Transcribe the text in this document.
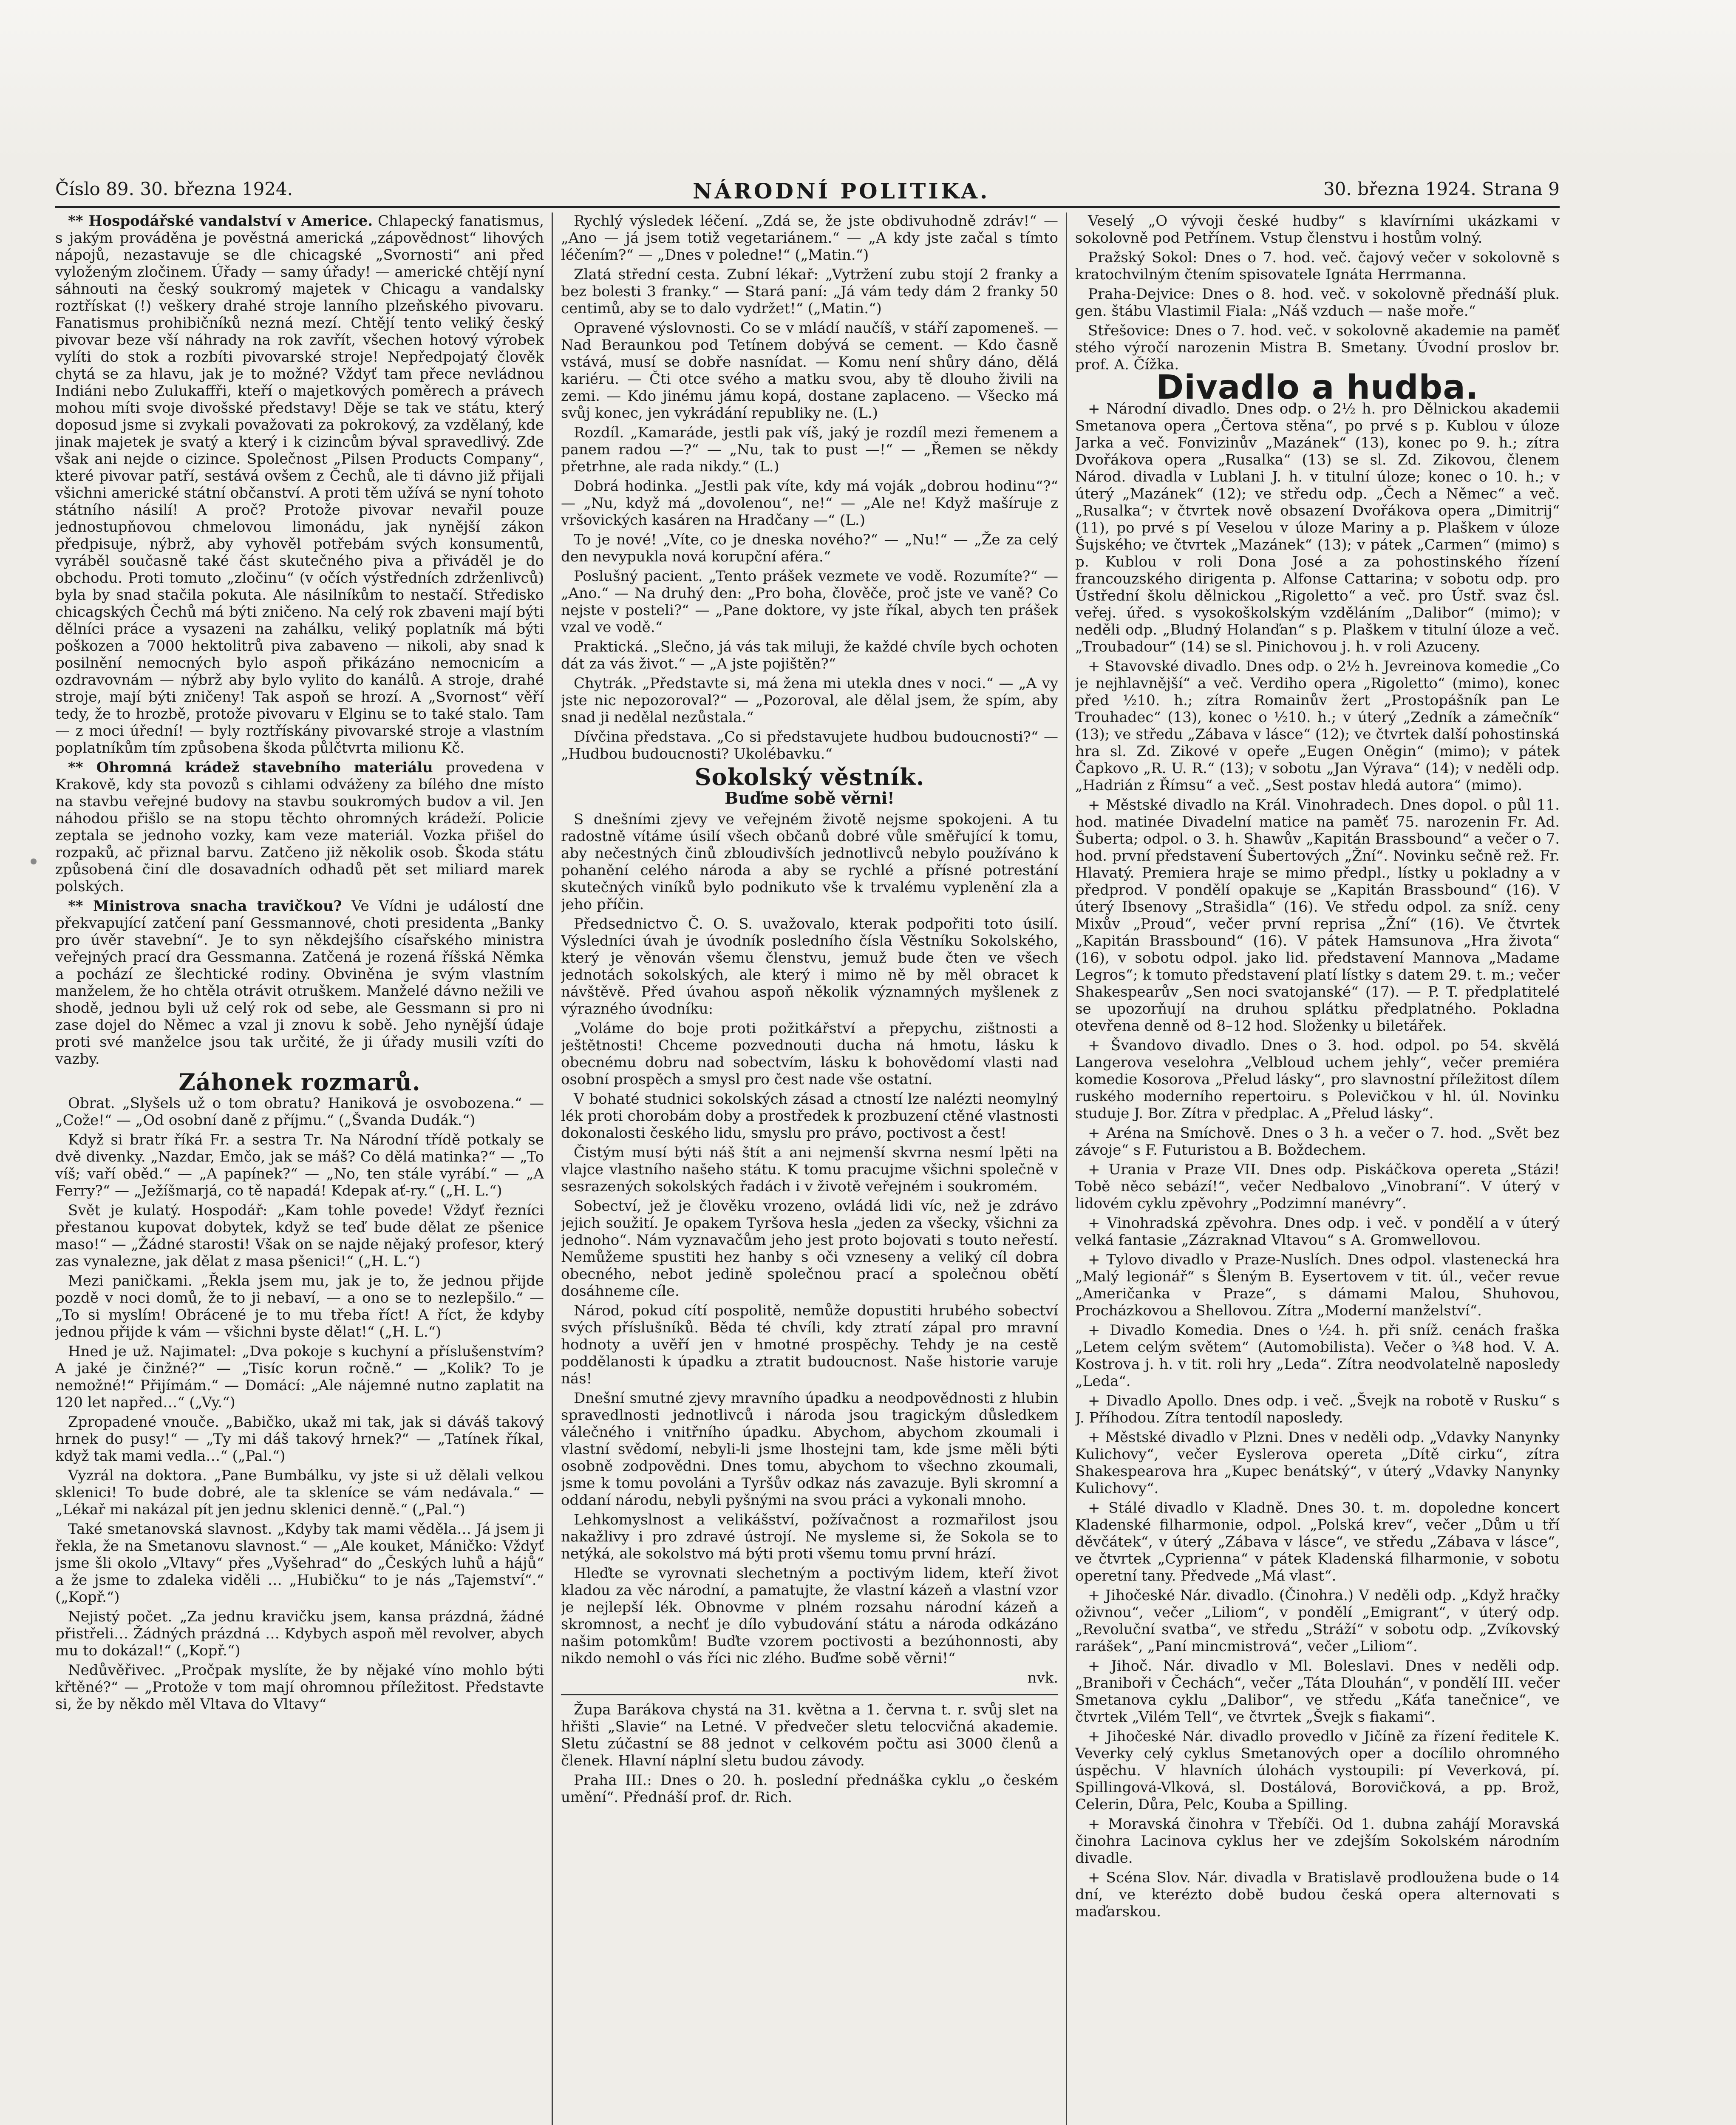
Číslo 89. 30. března 1924.	NÁRODNÍ POLITIKA.	30. března 1924. Strana 9

** Hospodářské vandalství v Americe. Chlapecký fanatismus, s jakým prováděna je pověstná americká „zápovědnost“ lihových nápojů, nezastavuje se dle chicagské „Svornosti“ ani před vyloženým zločinem. Úřady — samy úřady! — americké chtějí nyní sáhnouti na český soukromý majetek v Chicagu a vandalsky roztřískat (!) veškery drahé stroje lanního plzeňského pivovaru. Fanatismus prohibičníků nezná mezí. Chtějí tento veliký český pivovar beze vší náhrady na rok zavřít, všechen hotový výrobek vylíti do stok a rozbíti pivovarské stroje! Nepředpojatý člověk chytá se za hlavu, jak je to možné? Vždyť tam přece nevládnou Indiáni nebo Zulukaffři, kteří o majetkových poměrech a právech mohou míti svoje divošské představy! Děje se tak ve státu, který doposud jsme si zvykali považovati za pokrokový, za vzdělaný, kde jinak majetek je svatý a který i k cizincům býval spravedlivý. Zde však ani nejde o cizince. Společnost „Pilsen Products Company“, které pivovar patří, sestává ovšem z Čechů, ale ti dávno již přijali všichni americké státní občanství. A proti těm užívá se nyní tohoto státního násilí! A proč? Protože pivovar nevařil pouze jednostupňovou chmelovou limonádu, jak nynější zákon předpisuje, nýbrž, aby vyhověl potřebám svých konsumentů, vyráběl současně také část skutečného piva a přiváděl je do obchodu. Proti tomuto „zločinu“ (v očích výstředních zdrženlivců) byla by snad stačila pokuta. Ale násilníkům to nestačí. Středisko chicagských Čechů má býti zničeno. Na celý rok zbaveni mají býti dělníci práce a vysazeni na zahálku, veliký poplatník má býti poškozen a 7000 hektolitrů piva zabaveno — nikoli, aby snad k posilnění nemocných bylo aspoň přikázáno nemocnicím a ozdravovnám — nýbrž aby bylo vylito do kanálů. A stroje, drahé stroje, mají býti zničeny! Tak aspoň se hrozí. A „Svornost“ věří tedy, že to hrozbě, protože pivovaru v Elginu se to také stalo. Tam — z moci úřední! — byly roztřískány pivovarské stroje a vlastním poplatníkům tím způsobena škoda půlčtvrta milionu Kč.

** Ohromná krádež stavebního materiálu provedena v Krakově, kdy sta povozů s cihlami odváženy za bílého dne místo na stavbu veřejné budovy na stavbu soukromých budov a vil. Jen náhodou přišlo se na stopu těchto ohromných krádeží. Policie zeptala se jednoho vozky, kam veze materiál. Vozka přišel do rozpaků, ač přiznal barvu. Zatčeno již několik osob. Škoda státu způsobená činí dle dosavadních odhadů pět set miliard marek polských.

** Ministrova snacha travičkou? Ve Vídni je událostí dne překvapující zatčení paní Gessmannové, choti presidenta „Banky pro úvěr stavební“. Je to syn někdejšího císařského ministra veřejných prací dra Gessmanna. Zatčená je rozená říšská Němka a pochází ze šlechtické rodiny. Obviněna je svým vlastním manželem, že ho chtěla otrávit otruškem. Manželé dávno nežili ve shodě, jednou byli už celý rok od sebe, ale Gessmann si pro ni zase dojel do Němec a vzal ji znovu k sobě. Jeho nynější údaje proti své manželce jsou tak určité, že ji úřady musili vzíti do vazby.

Záhonek rozmarů.

Obrat. „Slyšels už o tom obratu? Haniková je osvobozena.“ — „Cože!“ — „Od osobní daně z příjmu.“ („Švanda Dudák.“)

Když si bratr říká Fr. a sestra Tr. Na Národní třídě potkaly se dvě divenky. „Nazdar, Emčo, jak se máš? Co dělá matinka?“ — „To víš; vaří oběd.“ — „A papínek?“ — „No, ten stále vyrábí.“ — „A Ferry?“ — „Ježíšmarjá, co tě napadá! Kdepak ať-ry.“ („H. L.“)

Svět je kulatý. Hospodář: „Kam tohle povede! Vždyť řezníci přestanou kupovat dobytek, když se teď bude dělat ze pšenice maso!“ — „Žádné starosti! Však on se najde nějaký profesor, který zas vynalezne, jak dělat z masa pšenici!“ („H. L.“)

Mezi paničkami. „Řekla jsem mu, jak je to, že jednou přijde pozdě v noci domů, že to ji nebaví, — a ono se to nezlepšilo.“ — „To si myslím! Obrácené je to mu třeba říct! A říct, že kdyby jednou přijde k vám — všichni byste dělat!“ („H. L.“)

Hned je už. Najimatel: „Dva pokoje s kuchyní a příslušenstvím? A jaké je činžné?“ — „Tisíc korun ročně.“ — „Kolik? To je nemožné!“ Přijímám.“ — Domácí: „Ale nájemné nutno zaplatit na 120 let napřed…“ („Vy.“)

Zpropadené vnouče. „Babičko, ukaž mi tak, jak si dáváš takový hrnek do pusy!“ — „Ty mi dáš takový hrnek?“ — „Tatínek říkal, když tak mami vedla…“ („Pal.“)

Vyzrál na doktora. „Pane Bumbálku, vy jste si už dělali velkou sklenici! To bude dobré, ale ta skleníce se vám nedávala.“ — „Lékař mi nakázal pít jen jednu sklenici denně.“ („Pal.“)

Také smetanovská slavnost. „Kdyby tak mami věděla… Já jsem ji řekla, že na Smetanovu slavnost.“ — „Ale kouket, Máničko: Vždyť jsme šli okolo „Vltavy“ přes „Vyšehrad“ do „Českých luhů a hájů“ a že jsme to zdaleka viděli … „Hubičku“ to je nás „Tajemství“.“ („Kopř.“)

Nejistý počet. „Za jednu kravičku jsem, kansa prázdná, žádné přistřeli… Žádných prázdná … Kdybych aspoň měl revolver, abych mu to dokázal!“ („Kopř.“)

Nedůvěřivec. „Pročpak myslíte, že by nějaké víno mohlo býti křtěné?“ — „Protože v tom mají ohromnou příležitost. Představte si, že by někdo měl Vltava do Vltavy“

Rychlý výsledek léčení. „Zdá se, že jste obdivuhodně zdráv!“ — „Ano — já jsem totiž vegetariánem.“ — „A kdy jste začal s tímto léčením?“ — „Dnes v poledne!“ („Matin.“)

Zlatá střední cesta. Zubní lékař: „Vytržení zubu stojí 2 franky a bez bolesti 3 franky.“ — Stará paní: „Já vám tedy dám 2 franky 50 centimů, aby se to dalo vydržet!“ („Matin.“)

Opravené výslovnosti. Co se v mládí naučíš, v stáří zapomeneš. — Nad Beraunkou pod Tetínem dobývá se cement. — Kdo časně vstává, musí se dobře nasnídat. — Komu není shůry dáno, dělá kariéru. — Čti otce svého a matku svou, aby tě dlouho živili na zemi. — Kdo jinému jámu kopá, dostane zaplaceno. — Všecko má svůj konec, jen vykrádání republiky ne. (L.)

Rozdíl. „Kamaráde, jestli pak víš, jaký je rozdíl mezi řemenem a panem radou —?“ — „Nu, tak to pust —!“ — „Řemen se někdy přetrhne, ale rada nikdy.“ (L.)

Dobrá hodinka. „Jestli pak víte, kdy má voják „dobrou hodinu“?“ — „Nu, když má „dovolenou“, ne!“ — „Ale ne! Když mašíruje z vršovických kasáren na Hradčany —“ (L.)

To je nové! „Víte, co je dneska nového?“ — „Nu!“ — „Že za celý den nevypukla nová korupční aféra.“

Poslušný pacient. „Tento prášek vezmete ve vodě. Rozumíte?“ — „Ano.“ — Na druhý den: „Pro boha, člověče, proč jste ve vaně? Co nejste v posteli?“ — „Pane doktore, vy jste říkal, abych ten prášek vzal ve vodě.“

Praktická. „Slečno, já vás tak miluji, že každé chvíle bych ochoten dát za vás život.“ — „A jste pojištěn?“

Chytrák. „Představte si, má žena mi utekla dnes v noci.“ — „A vy jste nic nepozoroval?“ — „Pozoroval, ale dělal jsem, že spím, aby snad ji nedělal nezůstala.“

Dívčina představa. „Co si představujete hudbou budoucnosti?“ — „Hudbou budoucnosti? Ukolébavku.“

Sokolský věstník.
Buďme sobě věrni!

S dnešními zjevy ve veřejném životě nejsme spokojeni. A tu radostně vítáme úsilí všech občanů dobré vůle směřující k tomu, aby nečestných činů zbloudivších jednotlivců nebylo používáno k pohanění celého národa a aby se rychlé a přísné potrestání skutečných viníků bylo podnikuto vše k trvalému vyplenění zla a jeho příčin.

Předsednictvo Č. O. S. uvažovalo, kterak podpořiti toto úsilí. Výsledníci úvah je úvodník posledního čísla Věstníku Sokolského, který je věnován všemu členstvu, jemuž bude čten ve všech jednotách sokolských, ale který i mimo ně by měl obracet k návštěvě. Před úvahou aspoň několik významných myšlenek z výrazného úvodníku:

„Voláme do boje proti požitkářství a přepychu, zištnosti a ještětnosti! Chceme pozvednouti ducha ná hmotu, lásku k obecnému dobru nad sobectvím, lásku k bohovědomí vlasti nad osobní prospěch a smysl pro čest nade vše ostatní.

V bohaté studnici sokolských zásad a ctností lze nalézti neomylný lék proti chorobám doby a prostředek k prozbuzení ctěné vlastnosti dokonalosti českého lidu, smyslu pro právo, poctivost a čest!

Čistým musí býti náš štít a ani nejmenší skvrna nesmí lpěti na vlajce vlastního našeho státu. K tomu pracujme všichni společně v sesrazených sokolských řadách i v životě veřejném i soukromém.

Sobectví, jež je člověku vrozeno, ovládá lidi víc, než je zdrávo jejich soužití. Je opakem Tyršova hesla „jeden za všecky, všichni za jednoho“. Nám vyznavačům jeho jest proto bojovati s touto neřestí. Nemůžeme spustiti hez hanby s oči vzneseny a veliký cíl dobra obecného, nebot jedině společnou prací a společnou obětí dosáhneme cíle.

Národ, pokud cítí pospolitě, nemůže dopustiti hrubého sobectví svých příslušníků. Běda té chvíli, kdy ztratí zápal pro mravní hodnoty a uvěří jen v hmotné prospěchy. Tehdy je na cestě poddělanosti k úpadku a ztratit budoucnost. Naše historie varuje nás!

Dnešní smutné zjevy mravního úpadku a neodpovědnosti z hlubin spravedlnosti jednotlivců i národa jsou tragickým důsledkem válečného i vnitřního úpadku. Abychom, abychom zkoumali i vlastní svědomí, nebyli-li jsme lhostejni tam, kde jsme měli býti osobně zodpovědni. Dnes tomu, abychom to všechno zkoumali, jsme k tomu povoláni a Tyršův odkaz nás zavazuje. Byli skromní a oddaní národu, nebyli pyšnými na svou práci a vykonali mnoho.

Lehkomyslnost a velikášství, požívačnost a rozmařilost jsou nakažlivy i pro zdravé ústrojí. Ne mysleme si, že Sokola se to netýká, ale sokolstvo má býti proti všemu tomu první hrází.

Hleďte se vyrovnati slechetným a poctivým lidem, kteří život kladou za věc národní, a pamatujte, že vlastní kázeň a vlastní vzor je nejlepší lék. Obnovme v plném rozsahu národní kázeň a skromnost, a nechť je dílo vybudování státu a národa odkázáno našim potomkům! Buďte vzorem poctivosti a bezúhonnosti, aby nikdo nemohl o vás říci nic zlého. Buďme sobě věrni!“

nvk.

Župa Barákova chystá na 31. května a 1. června t. r. svůj slet na hřišti „Slavie“ na Letné. V předvečer sletu telocvičná akademie. Sletu zúčastní se 88 jednot v celkovém počtu asi 3000 členů a členek. Hlavní náplní sletu budou závody.

Praha III.: Dnes o 20. h. poslední přednáška cyklu „o českém umění“. Přednáší prof. dr. Rich.

Veselý „O vývoji české hudby“ s klavírními ukázkami v sokolovně pod Petřínem. Vstup členstvu i hostům volný.

Pražský Sokol: Dnes o 7. hod. več. čajový večer v sokolovně s kratochvilným čtením spisovatele Ignáta Herrmanna.

Praha-Dejvice: Dnes o 8. hod. več. v sokolovně přednáší pluk. gen. štábu Vlastimil Fiala: „Náš vzduch — naše moře.“

Střešovice: Dnes o 7. hod. več. v sokolovně akademie na paměť stého výročí narozenin Mistra B. Smetany. Úvodní proslov br. prof. A. Čížka.

Divadlo a hudba.

+ Národní divadlo. Dnes odp. o 2½ h. pro Dělnickou akademii Smetanova opera „Čertova stěna“, po prvé s p. Kublou v úloze Jarka a več. Fonvizinův „Mazánek“ (13), konec po 9. h.; zítra Dvořákova opera „Rusalka“ (13) se sl. Zd. Zikovou, členem Národ. divadla v Lublani J. h. v titulní úloze; konec o 10. h.; v úterý „Mazánek“ (12); ve středu odp. „Čech a Němec“ a več. „Rusalka“; v čtvrtek nově obsazení Dvořákova opera „Dimitrij“ (11), po prvé s pí Veselou v úloze Mariny a p. Plaškem v úloze Šujského; ve čtvrtek „Mazánek“ (13); v pátek „Carmen“ (mimo) s p. Kublou v roli Dona José a za pohostinského řízení francouzského dirigenta p. Alfonse Cattarina; v sobotu odp. pro Ústřední školu dělnickou „Rigoletto“ a več. pro Ústř. svaz čsl. veřej. úřed. s vysokoškolským vzděláním „Dalibor“ (mimo); v neděli odp. „Bludný Holanďan“ s p. Plaškem v titulní úloze a več. „Troubadour“ (14) se sl. Pinichovou j. h. v roli Azuceny.

+ Stavovské divadlo. Dnes odp. o 2½ h. Jevreinova komedie „Co je nejhlavnější“ a več. Verdiho opera „Rigoletto“ (mimo), konec před ½10. h.; zítra Romainův žert „Prostopášník pan Le Trouhadec“ (13), konec o ½10. h.; v úterý „Zedník a zámečník“ (13); ve středu „Zábava v lásce“ (12); ve čtvrtek další pohostinská hra sl. Zd. Zikové v opeře „Eugen Oněgin“ (mimo); v pátek Čapkovo „R. U. R.“ (13); v sobotu „Jan Výrava“ (14); v neděli odp. „Hadrián z Římsu“ a več. „Sest postav hledá autora“ (mimo).

+ Městské divadlo na Král. Vinohradech. Dnes dopol. o půl 11. hod. matinée Divadelní matice na paměť 75. narozenin Fr. Ad. Šuberta; odpol. o 3. h. Shawův „Kapitán Brassbound“ a večer o 7. hod. první představení Šubertových „Žní“. Novinku sečně rež. Fr. Hlavatý. Premiera hraje se mimo předpl., lístky u pokladny a v předprod. V pondělí opakuje se „Kapitán Brassbound“ (16). V úterý Ibsenovy „Strašidla“ (16). Ve středu odpol. za sníž. ceny Mixův „Proud“, večer první reprisa „Žní“ (16). Ve čtvrtek „Kapitán Brassbound“ (16). V pátek Hamsunova „Hra života“ (16), v sobotu odpol. jako lid. představení Mannova „Madame Legros“; k tomuto představení platí lístky s datem 29. t. m.; večer Shakespearův „Sen noci svatojanské“ (17). — P. T. předplatitelé se upozorňují na druhou splátku předplatného. Pokladna otevřena denně od 8–12 hod. Složenky u biletářek.

+ Švandovo divadlo. Dnes o 3. hod. odpol. po 54. skvělá Langerova veselohra „Velbloud uchem jehly“, večer premiéra komedie Kosorova „Přelud lásky“, pro slavnostní příležitost dílem ruského moderního repertoiru. s Polevičkou v hl. úl. Novinku studuje J. Bor. Zítra v předplac. A „Přelud lásky“.

+ Aréna na Smíchově. Dnes o 3 h. a večer o 7. hod. „Svět bez závoje“ s F. Futuristou a B. Boždechem.

+ Urania v Praze VII. Dnes odp. Piskáčkova opereta „Stázi! Tobě něco sebází!“, večer Nedbalovo „Vinobraní“. V úterý v lidovém cyklu zpěvohry „Podzimní manévry“.

+ Vinohradská zpěvohra. Dnes odp. i več. v pondělí a v úterý velká fantasie „Zázraknad Vltavou“ s A. Gromwellovou.

+ Tylovo divadlo v Praze-Nuslích. Dnes odpol. vlastenecká hra „Malý legionář“ s Šleným B. Eysertovem v tit. úl., večer revue „Američanka v Praze“, s dámami Malou, Shuhovou, Procházkovou a Shellovou. Zítra „Moderní manželství“.

+ Divadlo Komedia. Dnes o ½4. h. při sníž. cenách fraška „Letem celým světem“ (Automobilista). Večer o ¾8 hod. V. A. Kostrova j. h. v tit. roli hry „Leda“. Zítra neodvolatelně naposledy „Leda“.

+ Divadlo Apollo. Dnes odp. i več. „Švejk na robotě v Rusku“ s J. Příhodou. Zítra tentodíl naposledy.

+ Městské divadlo v Plzni. Dnes v neděli odp. „Vdavky Nanynky Kulichovy“, večer Eyslerova opereta „Dítě cirku“, zítra Shakespearova hra „Kupec benátský“, v úterý „Vdavky Nanynky Kulichovy“.

+ Stálé divadlo v Kladně. Dnes 30. t. m. dopoledne koncert Kladenské filharmonie, odpol. „Polská krev“, večer „Dům u tří děvčátek“, v úterý „Zábava v lásce“, ve středu „Zábava v lásce“, ve čtvrtek „Cyprienna“ v pátek Kladenská filharmonie, v sobotu operetní tany. Předvede „Má vlast“.

+ Jihočeské Nár. divadlo. (Činohra.) V neděli odp. „Když hračky oživnou“, večer „Liliom“, v pondělí „Emigrant“, v úterý odp. „Revoluční svatba“, ve středu „Stráží“ v sobotu odp. „Zvíkovský rarášek“, „Paní mincmistrová“, večer „Liliom“.

+ Jihoč. Nár. divadlo v Ml. Boleslavi. Dnes v neděli odp. „Braniboři v Čechách“, večer „Táta Dlouhán“, v pondělí III. večer Smetanova cyklu „Dalibor“, ve středu „Káťa tanečnice“, ve čtvrtek „Vilém Tell“, ve čtvrtek „Švejk s fiakami“.

+ Jihočeské Nár. divadlo provedlo v Jičíně za řízení ředitele K. Veverky celý cyklus Smetanových oper a docílilo ohromného úspěchu. V hlavních úlohách vystoupili: pí Veverková, pí. Spillingová-Vlková, sl. Dostálová, Borovičková, a pp. Brož, Celerin, Důra, Pelc, Kouba a Spilling.

+ Moravská činohra v Třebíči. Od 1. dubna zahájí Moravská činohra Lacinova cyklus her ve zdejším Sokolském národním divadle.

+ Scéna Slov. Nár. divadla v Bratislavě prodloužena bude o 14 dní, ve kterézto době budou česká opera alternovati s maďarskou.
